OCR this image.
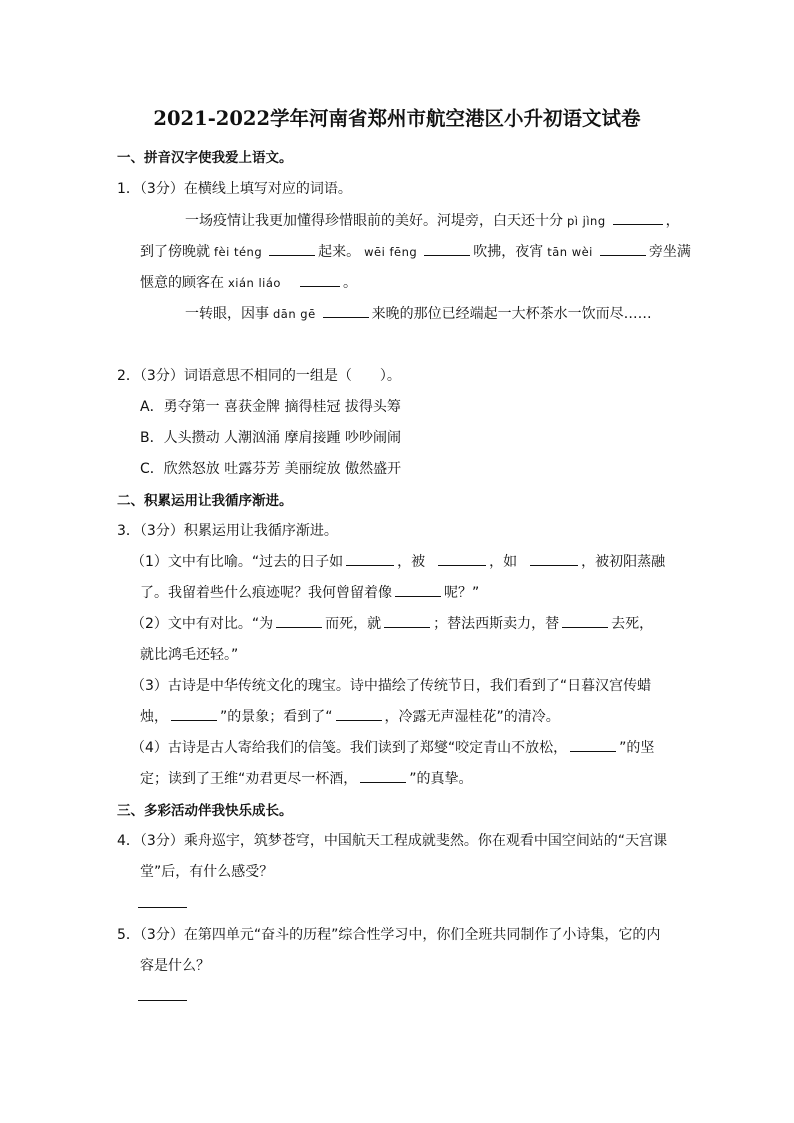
2021-2022学年河南省郑州市航空港区小升初语文试卷
一、拼音汉字使我爱上语文。
1．（3分）在横线上填写对应的词语。
一场疫情让我更加懂得珍惜眼前的美好。河堤旁，白天还十分 pì jìng	，
到了傍晚就 fèi téng	起来。 wēi fēng	吹拂，夜宵 tān wèi	旁坐满
惬意的顾客在 xián liáo	。
一转眼，因事 dān gē	来晚的那位已经端起一大杯茶水一饮而尽……
2．（3分）词语意思不相同的一组是（　　）。
A．勇夺第一 喜获金牌 摘得桂冠 拔得头筹
B．人头攒动 人潮汹涌 摩肩接踵 吵吵闹闹
C．欣然怒放 吐露芬芳 美丽绽放 傲然盛开
二、积累运用让我循序渐进。
3．（3分）积累运用让我循序渐进。
（1）文中有比喻。“过去的日子如	，被	，如	，被初阳蒸融
了。我留着些什么痕迹呢？我何曾留着像	呢？”
（2）文中有对比。“为	而死，就	；替法西斯卖力，替	去死，
就比鸿毛还轻。”
（3）古诗是中华传统文化的瑰宝。诗中描绘了传统节日，我们看到了“日暮汉宫传蜡
烛，	”的景象；看到了“	，冷露无声湿桂花”的清冷。
（4）古诗是古人寄给我们的信笺。我们读到了郑燮“咬定青山不放松，	”的坚
定；读到了王维“劝君更尽一杯酒，	”的真挚。
三、多彩活动伴我快乐成长。
4．（3分）乘舟巡宇，筑梦苍穹，中国航天工程成就斐然。你在观看中国空间站的“天宫课
堂”后，有什么感受？
5．（3分）在第四单元“奋斗的历程”综合性学习中，你们全班共同制作了小诗集，它的内
容是什么？
